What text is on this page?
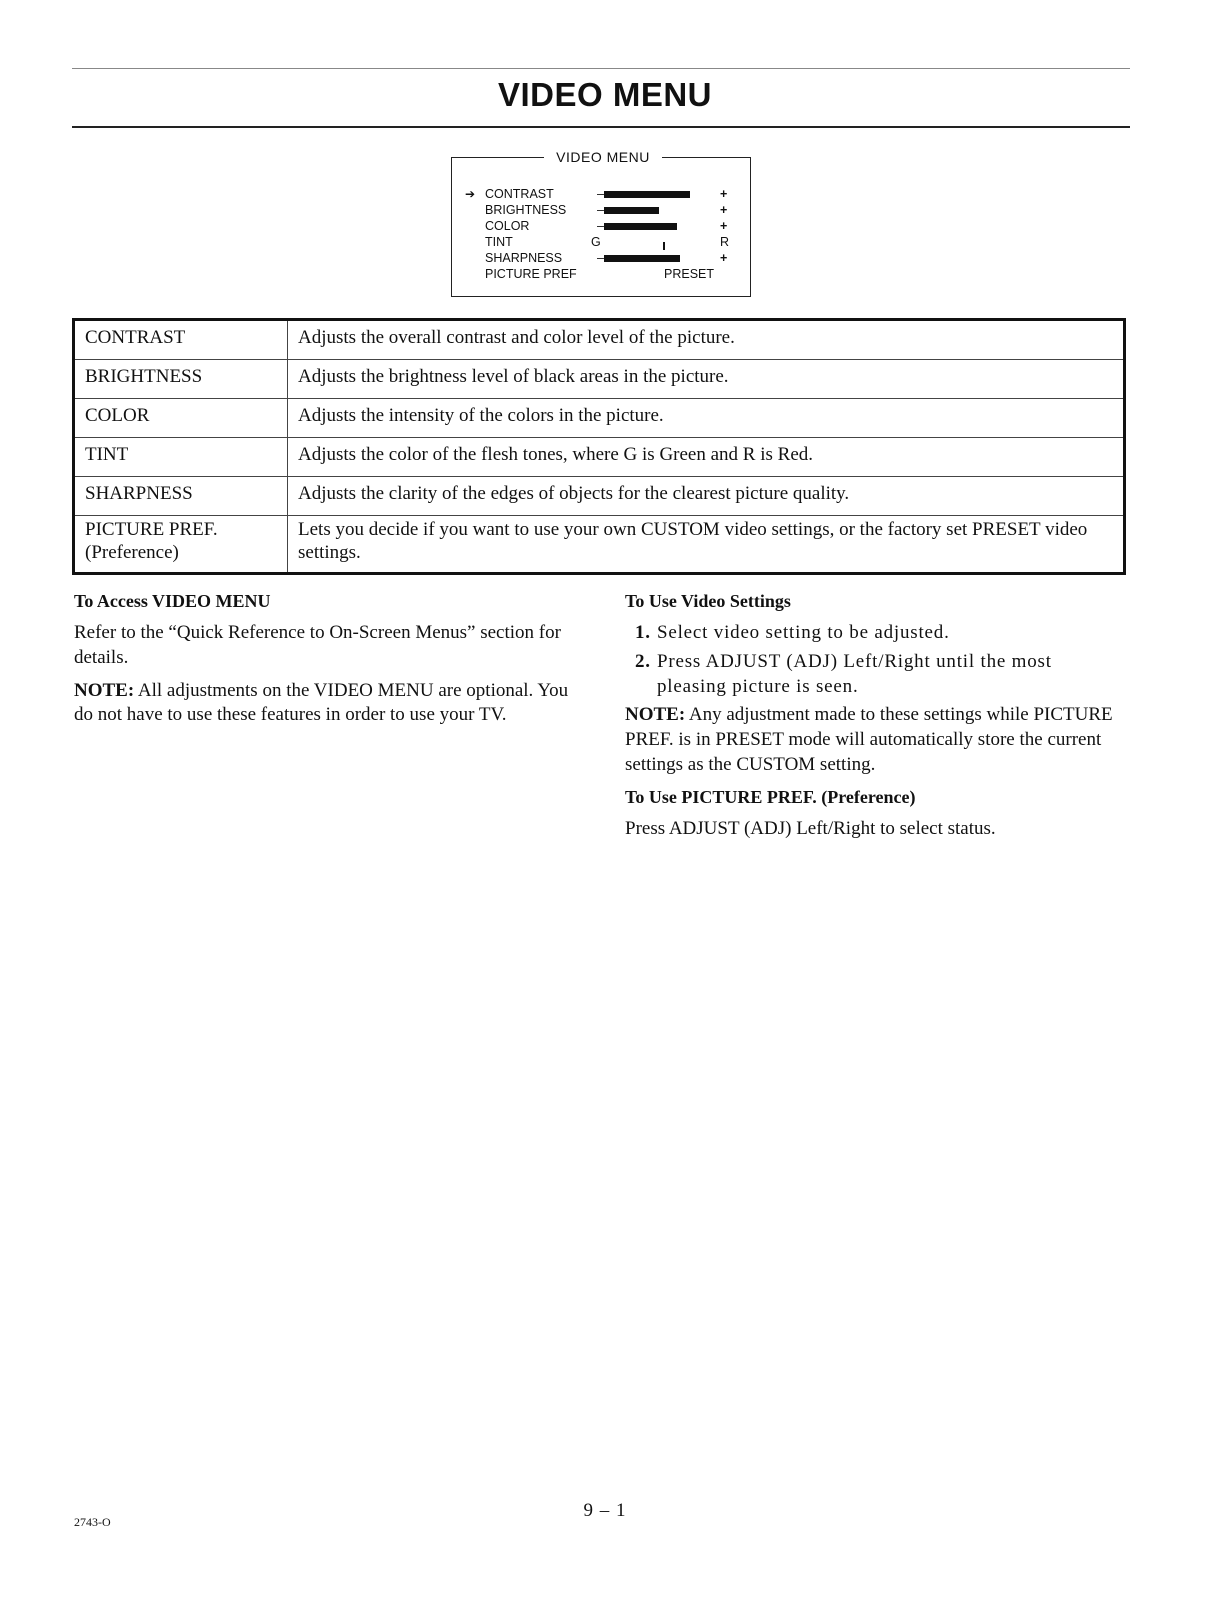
VIDEO MENU
VIDEO MENU
➔ CONTRAST	–	+
BRIGHTNESS –	+
COLOR	–	+
TINT	G	R
SHARPNESS	–	+
PICTURE PREF	PRESET
CONTRAST	Adjusts the overall contrast and color level of the picture.
BRIGHTNESS	Adjusts the brightness level of black areas in the picture.
COLOR	Adjusts the intensity of the colors in the picture.
TINT	Adjusts the color of the flesh tones, where G is Green and R is Red.
SHARPNESS	Adjusts the clarity of the edges of objects for the clearest picture quality.

PICTURE PREF.
(Preference)	Lets you decide if you want to use your own CUSTOM video settings, or the factory set PRESET video settings.
To Access VIDEO MENU

Refer to the “Quick Reference to On-Screen Menus” section for details.

NOTE: All adjustments on the VIDEO MENU are optional. You do not have to use these features in order to use your TV.

To Use Video Settings
1. Select video setting to be adjusted.
2. Press ADJUST (ADJ) Left/Right until the most pleasing picture is seen.

NOTE: Any adjustment made to these settings while PICTURE PREF. is in PRESET mode will automatically store the current settings as the CUSTOM setting.

To Use PICTURE PREF. (Preference)

Press ADJUST (ADJ) Left/Right to select status.

2743-O
9 – 1
